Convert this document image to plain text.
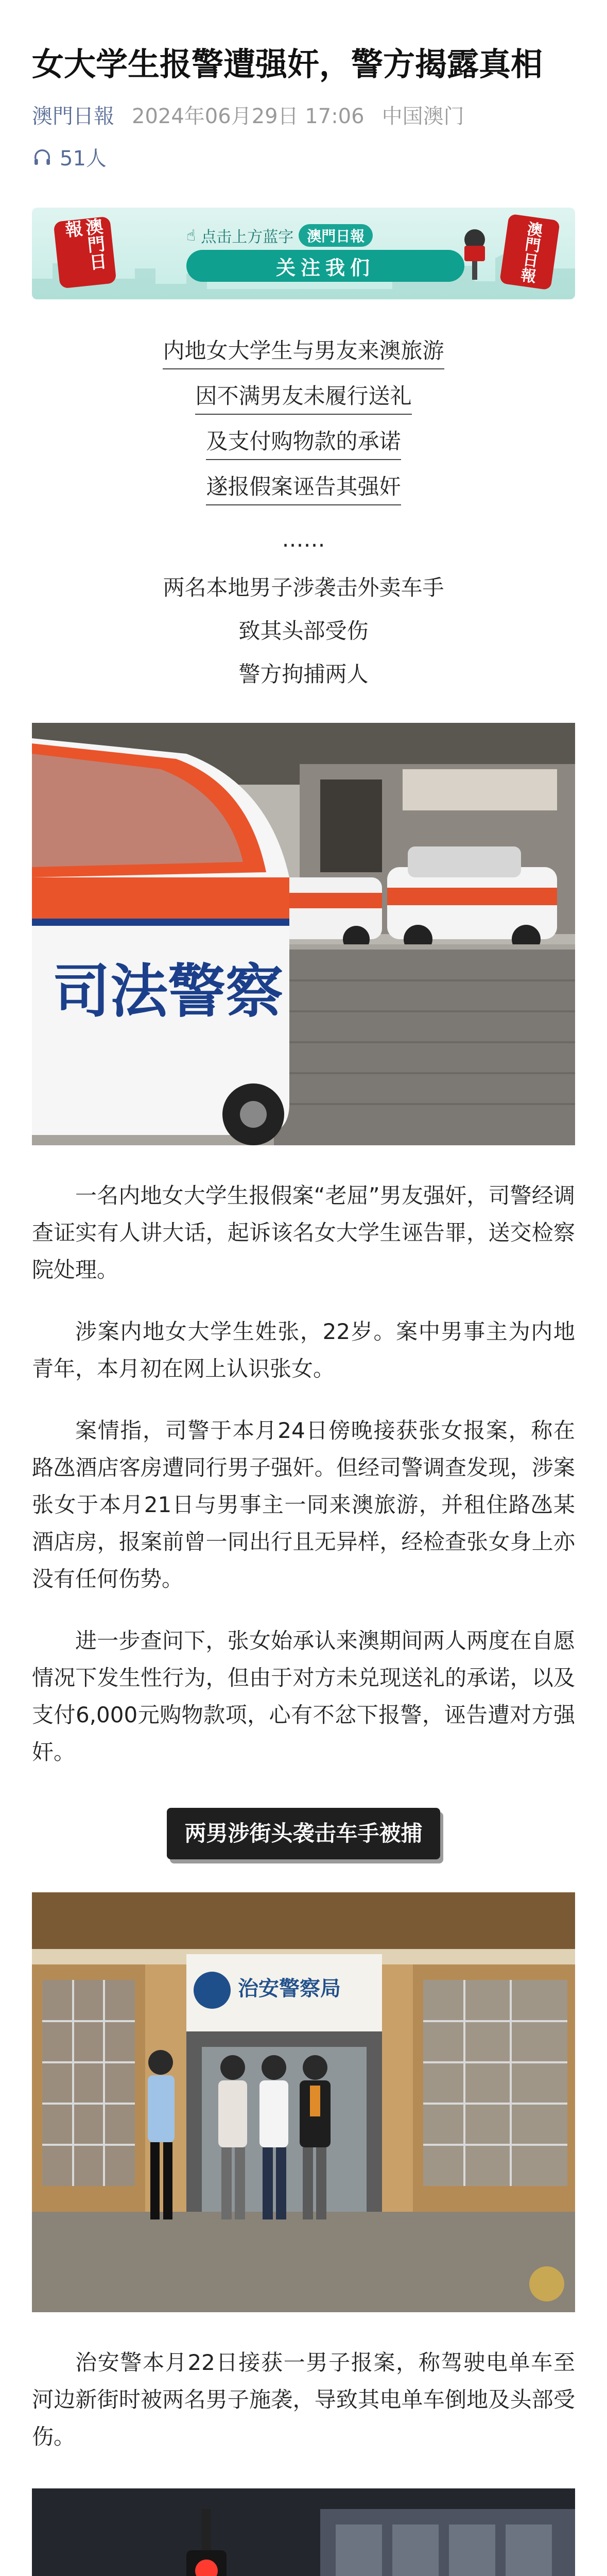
女大学生报警遭强奸，警方揭露真相
澳門日報 2024年06月29日 17:06 中国澳门
51人
澳門日報	☝ 点击上方蓝字 澳門日報
关注我们	澳門日報
内地女大学生与男友来澳旅游
因不满男友未履行送礼
及支付购物款的承诺
遂报假案诬告其强奸
……
两名本地男子涉袭击外卖车手
致其头部受伤
警方拘捕两人
司法警察

一名内地女大学生报假案“老屈”男友强奸，司警经调查证实有人讲大话，起诉该名女大学生诬告罪，送交检察院处理。

涉案内地女大学生姓张，22岁。案中男事主为内地青年，本月初在网上认识张女。

案情指，司警于本月24日傍晚接获张女报案，称在路氹酒店客房遭同行男子强奸。但经司警调查发现，涉案张女于本月21日与男事主一同来澳旅游，并租住路氹某酒店房，报案前曾一同出行且无异样，经检查张女身上亦没有任何伤势。

进一步查问下，张女始承认来澳期间两人两度在自愿情况下发生性行为，但由于对方未兑现送礼的承诺，以及支付6,000元购物款项，心有不忿下报警，诬告遭对方强奸。

两男涉街头袭击车手被捕
治安警察局

治安警本月22日接获一男子报案，称驾驶电单车至河边新街时被两名男子施袭，导致其电单车倒地及头部受伤。
